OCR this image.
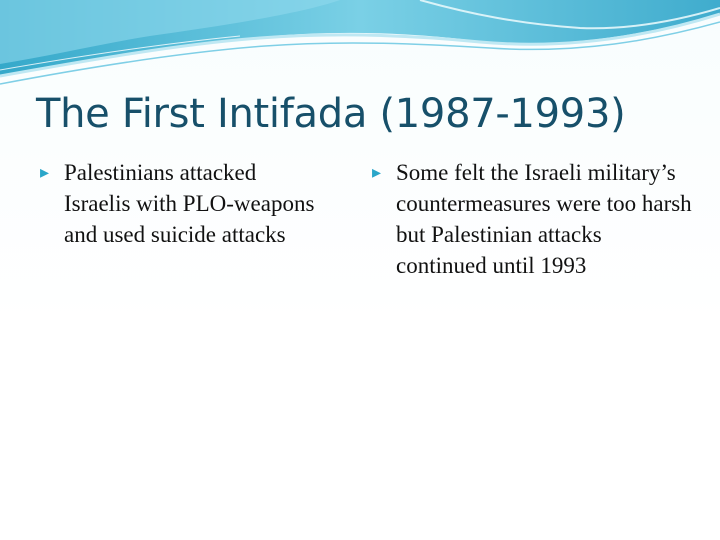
The First Intifada (1987-1993)
▸ Palestinians attacked Israelis with PLO-weapons and used suicide attacks
▸ Some felt the Israeli military’s countermeasures were too harsh but Palestinian attacks continued until 1993
